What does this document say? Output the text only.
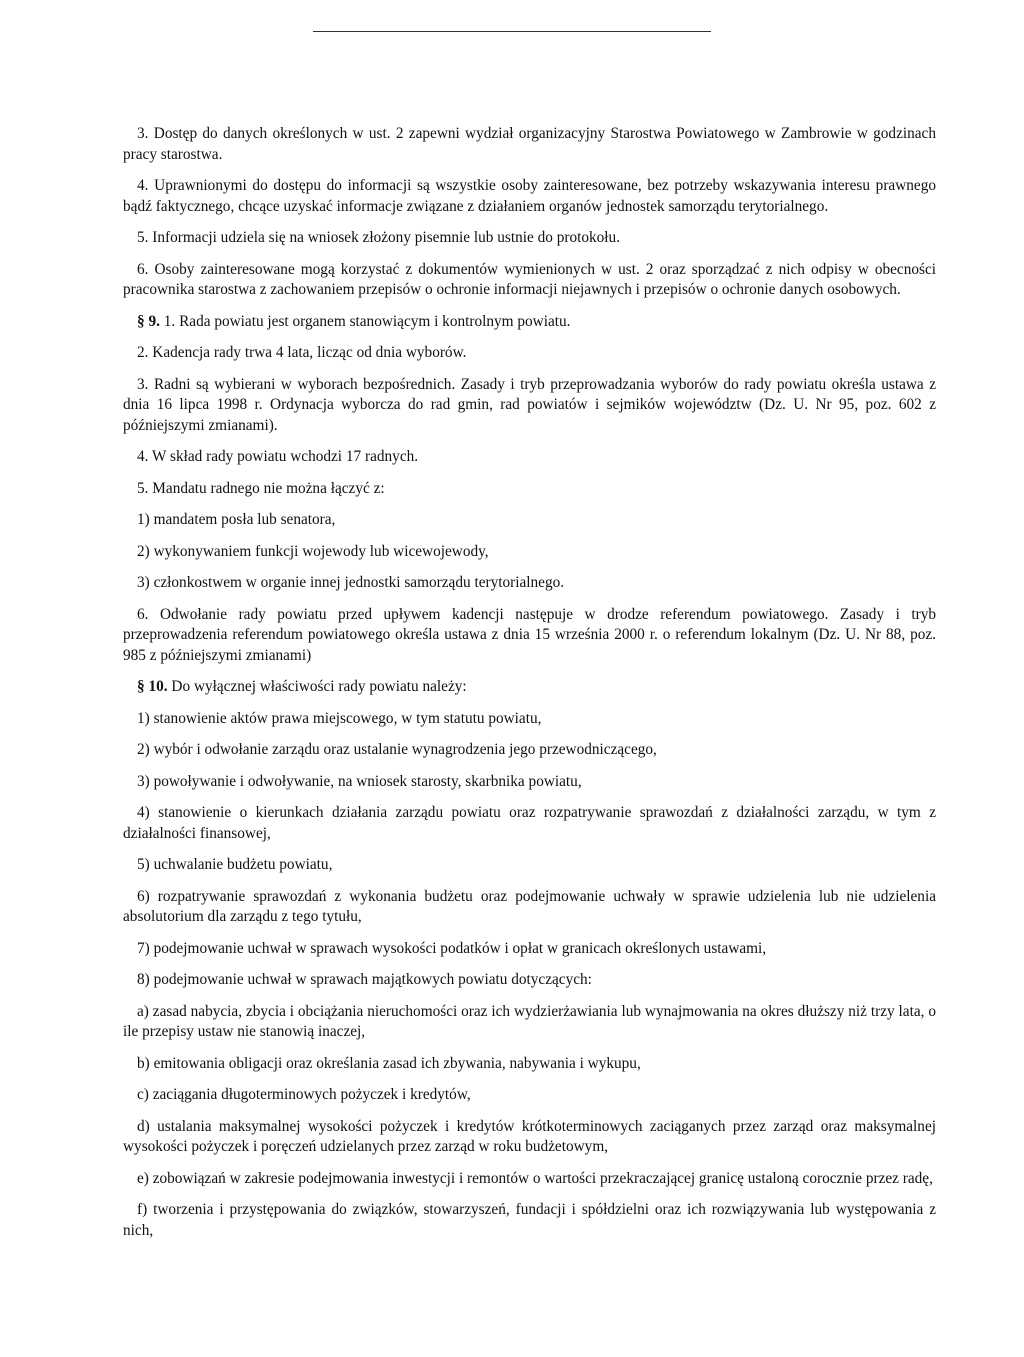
3. Dostęp do danych określonych w ust. 2 zapewni wydział organizacyjny Starostwa Powiatowego w Zambrowie w godzinach pracy starostwa.

4. Uprawnionymi do dostępu do informacji są wszystkie osoby zainteresowane, bez potrzeby wskazywania interesu prawnego bądź faktycznego, chcące uzyskać informacje związane z działaniem organów jednostek samorządu terytorialnego.

5. Informacji udziela się na wniosek złożony pisemnie lub ustnie do protokołu.

6. Osoby zainteresowane mogą korzystać z dokumentów wymienionych w ust. 2 oraz sporządzać z nich odpisy w obecności pracownika starostwa z zachowaniem przepisów o ochronie informacji niejawnych i przepisów o ochronie danych osobowych.

§ 9. 1. Rada powiatu jest organem stanowiącym i kontrolnym powiatu.

2. Kadencja rady trwa 4 lata, licząc od dnia wyborów.

3. Radni są wybierani w wyborach bezpośrednich. Zasady i tryb przeprowadzania wyborów do rady powiatu określa ustawa z dnia 16 lipca 1998 r. Ordynacja wyborcza do rad gmin, rad powiatów i sejmików województw (Dz. U. Nr 95, poz. 602 z późniejszymi zmianami).

4. W skład rady powiatu wchodzi 17 radnych.

5. Mandatu radnego nie można łączyć z:

1) mandatem posła lub senatora,

2) wykonywaniem funkcji wojewody lub wicewojewody,

3) członkostwem w organie innej jednostki samorządu terytorialnego.

6. Odwołanie rady powiatu przed upływem kadencji następuje w drodze referendum powiatowego. Zasady i tryb przeprowadzenia referendum powiatowego określa ustawa z dnia 15 września 2000 r. o referendum lokalnym (Dz. U. Nr 88, poz. 985 z późniejszymi zmianami)

§ 10. Do wyłącznej właściwości rady powiatu należy:

1) stanowienie aktów prawa miejscowego, w tym statutu powiatu,

2) wybór i odwołanie zarządu oraz ustalanie wynagrodzenia jego przewodniczącego,

3) powoływanie i odwoływanie, na wniosek starosty, skarbnika powiatu,

4) stanowienie o kierunkach działania zarządu powiatu oraz rozpatrywanie sprawozdań z działalności zarządu, w tym z działalności finansowej,

5) uchwalanie budżetu powiatu,

6) rozpatrywanie sprawozdań z wykonania budżetu oraz podejmowanie uchwały w sprawie udzielenia lub nie udzielenia absolutorium dla zarządu z tego tytułu,

7) podejmowanie uchwał w sprawach wysokości podatków i opłat w granicach określonych ustawami,

8) podejmowanie uchwał w sprawach majątkowych powiatu dotyczących:

a) zasad nabycia, zbycia i obciążania nieruchomości oraz ich wydzierżawiania lub wynajmowania na okres dłuższy niż trzy lata, o ile przepisy ustaw nie stanowią inaczej,

b) emitowania obligacji oraz określania zasad ich zbywania, nabywania i wykupu,

c) zaciągania długoterminowych pożyczek i kredytów,

d) ustalania maksymalnej wysokości pożyczek i kredytów krótkoterminowych zaciąganych przez zarząd oraz maksymalnej wysokości pożyczek i poręczeń udzielanych przez zarząd w roku budżetowym,

e) zobowiązań w zakresie podejmowania inwestycji i remontów o wartości przekraczającej granicę ustaloną corocznie przez radę,

f) tworzenia i przystępowania do związków, stowarzyszeń, fundacji i spółdzielni oraz ich rozwiązywania lub występowania z nich,
